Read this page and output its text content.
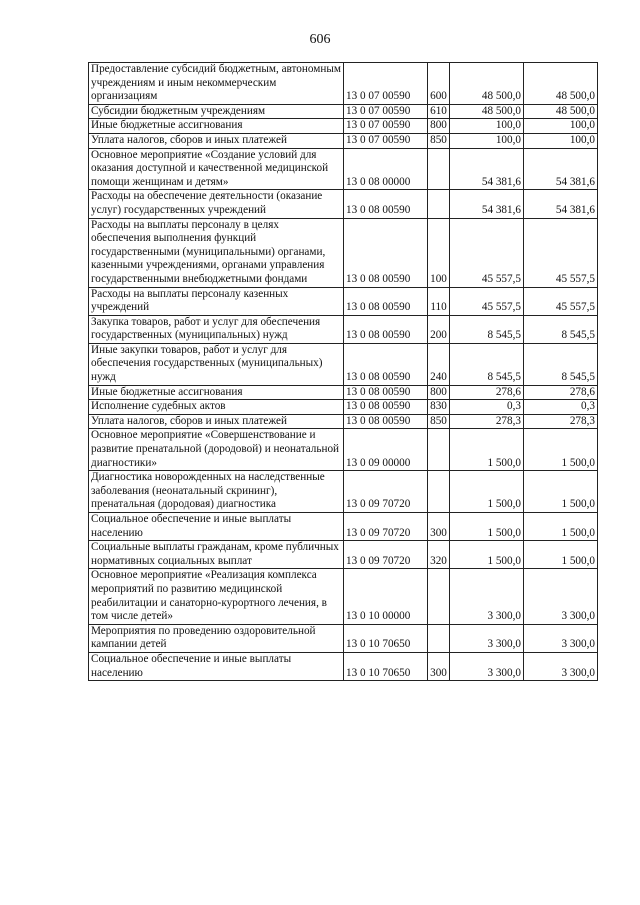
606
Предоставление субсидий бюджетным, автономным учреждениям и иным некоммерческим организациям	13 0 07 00590	600	48 500,0	48 500,0
Субсидии бюджетным учреждениям	13 0 07 00590	610	48 500,0	48 500,0
Иные бюджетные ассигнования	13 0 07 00590	800	100,0	100,0
Уплата налогов, сборов и иных платежей	13 0 07 00590	850	100,0	100,0
Основное мероприятие «Создание условий для оказания доступной и качественной медицинской помощи женщинам и детям»	13 0 08 00000		54 381,6	54 381,6
Расходы на обеспечение деятельности (оказание услуг) государственных учреждений	13 0 08 00590		54 381,6	54 381,6
Расходы на выплаты персоналу в целях обеспечения выполнения функций государственными (муниципальными) органами, казенными учреждениями, органами управления государственными внебюджетными фондами	13 0 08 00590	100	45 557,5	45 557,5
Расходы на выплаты персоналу казенных учреждений	13 0 08 00590	110	45 557,5	45 557,5
Закупка товаров, работ и услуг для обеспечения государственных (муниципальных) нужд	13 0 08 00590	200	8 545,5	8 545,5
Иные закупки товаров, работ и услуг для обеспечения государственных (муниципальных) нужд	13 0 08 00590	240	8 545,5	8 545,5
Иные бюджетные ассигнования	13 0 08 00590	800	278,6	278,6
Исполнение судебных актов	13 0 08 00590	830	0,3	0,3
Уплата налогов, сборов и иных платежей	13 0 08 00590	850	278,3	278,3
Основное мероприятие «Совершенствование и развитие пренатальной (дородовой) и неонатальной диагностики»	13 0 09 00000		1 500,0	1 500,0
Диагностика новорожденных на наследственные заболевания (неонатальный скрининг), пренатальная (дородовая) диагностика	13 0 09 70720		1 500,0	1 500,0
Социальное обеспечение и иные выплаты населению	13 0 09 70720	300	1 500,0	1 500,0
Социальные выплаты гражданам, кроме публичных нормативных социальных выплат	13 0 09 70720	320	1 500,0	1 500,0
Основное мероприятие «Реализация комплекса мероприятий по развитию медицинской реабилитации и санаторно-курортного лечения, в том числе детей»	13 0 10 00000		3 300,0	3 300,0
Мероприятия по проведению оздоровительной кампании детей	13 0 10 70650		3 300,0	3 300,0
Социальное обеспечение и иные выплаты населению	13 0 10 70650	300	3 300,0	3 300,0
